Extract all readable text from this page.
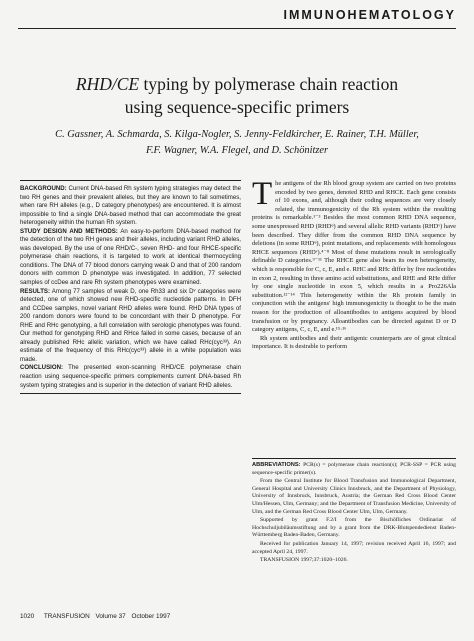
IMMUNOHEMATOLOGY
RHD/CE typing by polymerase chain reaction
using sequence-specific primers
C. Gassner, A. Schmarda, S. Kilga-Nogler, S. Jenny-Feldkircher, E. Rainer, T.H. Müller,
F.F. Wagner, W.A. Flegel, and D. Schönitzer

BACKGROUND: Current DNA-based Rh system typing strategies may detect the two RH genes and their prevalent alleles, but they are known to fail sometimes, when rare RH alleles (e.g., D category phenotypes) are encountered. It is almost impossible to find a single DNA-based method that can accommodate the great heterogeneity within the human Rh system.

STUDY DESIGN AND METHODS: An easy-to-perform DNA-based method for the detection of the two RH genes and their alleles, including variant RHD alleles, was developed. By the use of one RHD/C-, seven RHD- and four RHCE-specific polymerase chain reactions, it is targeted to work at identical thermocycling conditions. The DNA of 77 blood donors carrying weak D and that of 200 random donors with common D phenotype was investigated. In addition, 77 selected samples of ccDee and rare Rh system phenotypes were examined.

RESULTS: Among 77 samples of weak D, one Rh33 and six Dᵛ categories were detected, one of which showed new RHD-specific nucleotide patterns. In DFH and CCDee samples, novel variant RHD alleles were found. RHD DNA types of 200 random donors were found to be concordant with their D phenotype. For RHE and RHc genotyping, a full correlation with serologic phenotypes was found. Our method for genotyping RHD and RHce failed in some cases, because of an already published RHc allelic variation, which we have called RHc(cyc³³). An estimate of the frequency of this RHc(cyc³³) allele in a white population was made.

CONCLUSION: The presented exon-scanning RHD/CE polymerase chain reaction using sequence-specific primers complements current DNA-based Rh system typing strategies and is superior in the detection of variant RHD alleles.

The antigens of the Rh blood group system are carried on two proteins encoded by two genes, denoted RHD and RHCE. Each gene consists of 10 exons, and, although their coding sequences are very closely related, the immunogenicity of the Rh system within the resulting proteins is remarkable.¹⁻³ Besides the most common RHD DNA sequence, some unexpressed RHD (RHDᵠ) and several allelic RHD variants (RHDᵛ) have been described. They differ from the common RHD DNA sequence by deletions (in some RHDᵠ), point mutations, and replacements with homologous RHCE sequences (RHDᵛ).⁴⁻⁸ Most of these mutations result in serologically definable D categories.⁹⁻¹¹ The RHCE gene also bears its own heterogeneity, which is responsible for C, c, E, and e. RHC and RHc differ by five nucleotides in exon 2, resulting in three amino acid substitutions, and RHE and RHe differ by one single nucleotide in exon 5, which results in a Pro226Ala substitution.¹²⁻¹⁴ This heterogeneity within the Rh protein family in conjunction with the antigens' high immunogenicity is thought to be the main reason for the production of alloantibodies to antigens acquired by blood transfusion or by pregnancy. Alloantibodies can be directed against D or D category antigens, C, c, E, and e.¹⁵·¹⁶

Rh system antibodies and their antigenic counterparts are of great clinical importance. It is desirable to perform

ABBREVIATIONS: PCR(s) = polymerase chain reaction(s); PCR-SSP = PCR using sequence-specific primer(s).

From the Central Institute for Blood Transfusion and Immunological Department, General Hospital and University Clinics Innsbruck, and the Department of Physiology, University of Innsbruck, Innsbruck, Austria; the German Red Cross Blood Center Ulm/Hessen, Ulm, Germany; and the Department of Transfusion Medicine, University of Ulm, and the German Red Cross Blood Center Ulm, Ulm, Germany.

Supported by grant F.2/I from the Bischöfliches Ordinariat of Hochschuljubiläumsstiftung and by a grant from the DRK-Blutspendedienst Baden-Württemberg Baden-Baden, Germany.

Received for publication January 14, 1997; revision received April 16, 1997; and accepted April 24, 1997.

TRANSFUSION 1997;37:1020–1026.

1020 TRANSFUSION Volume 37 October 1997
